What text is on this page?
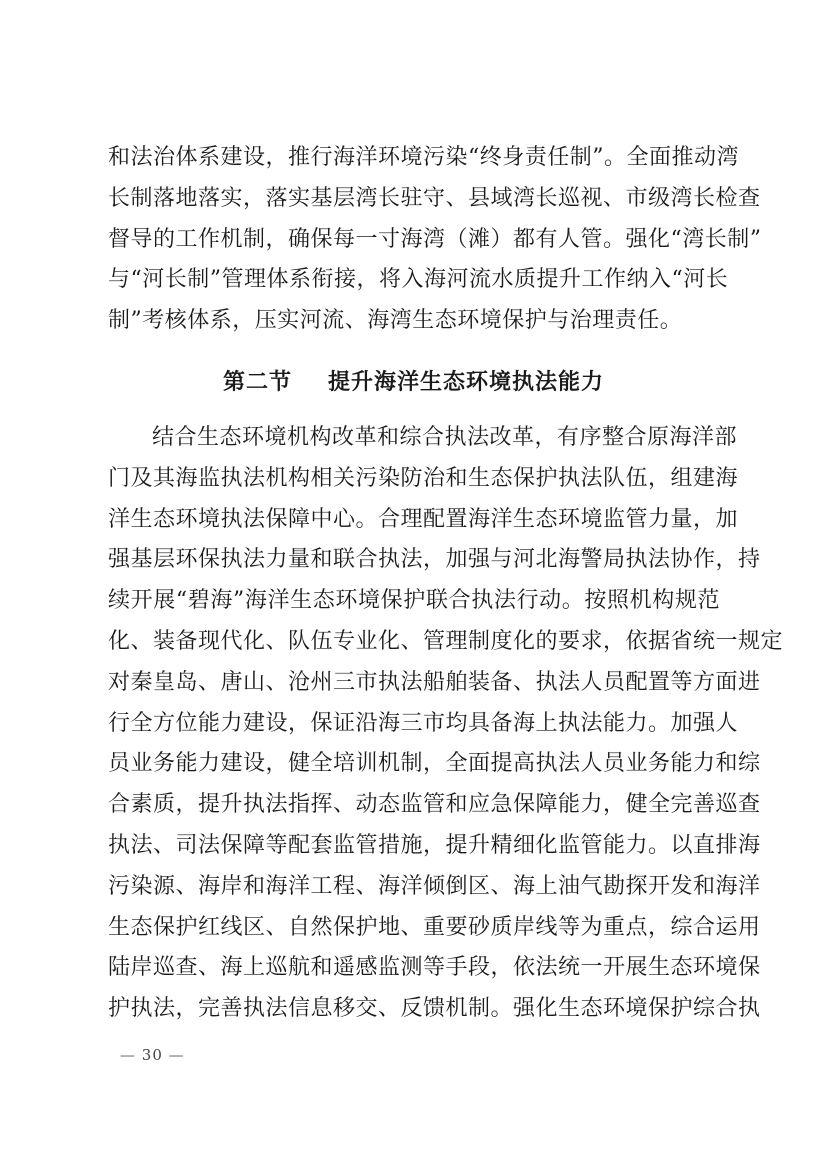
和法治体系建设，推行海洋环境污染“终身责任制”。全面推动湾
长制落地落实，落实基层湾长驻守、县域湾长巡视、市级湾长检查
督导的工作机制，确保每一寸海湾（滩）都有人管。强化“湾长制”
与“河长制”管理体系衔接，将入海河流水质提升工作纳入“河长
制”考核体系，压实河流、海湾生态环境保护与治理责任。
第二节 提升海洋生态环境执法能力
结合生态环境机构改革和综合执法改革，有序整合原海洋部
门及其海监执法机构相关污染防治和生态保护执法队伍，组建海
洋生态环境执法保障中心。合理配置海洋生态环境监管力量，加
强基层环保执法力量和联合执法，加强与河北海警局执法协作，持
续开展“碧海”海洋生态环境保护联合执法行动。按照机构规范
化、装备现代化、队伍专业化、管理制度化的要求，依据省统一规定
对秦皇岛、唐山、沧州三市执法船舶装备、执法人员配置等方面进
行全方位能力建设，保证沿海三市均具备海上执法能力。加强人
员业务能力建设，健全培训机制，全面提高执法人员业务能力和综
合素质，提升执法指挥、动态监管和应急保障能力，健全完善巡查
执法、司法保障等配套监管措施，提升精细化监管能力。以直排海
污染源、海岸和海洋工程、海洋倾倒区、海上油气勘探开发和海洋
生态保护红线区、自然保护地、重要砂质岸线等为重点，综合运用
陆岸巡查、海上巡航和遥感监测等手段，依法统一开展生态环境保
护执法，完善执法信息移交、反馈机制。强化生态环境保护综合执
— 30 —
